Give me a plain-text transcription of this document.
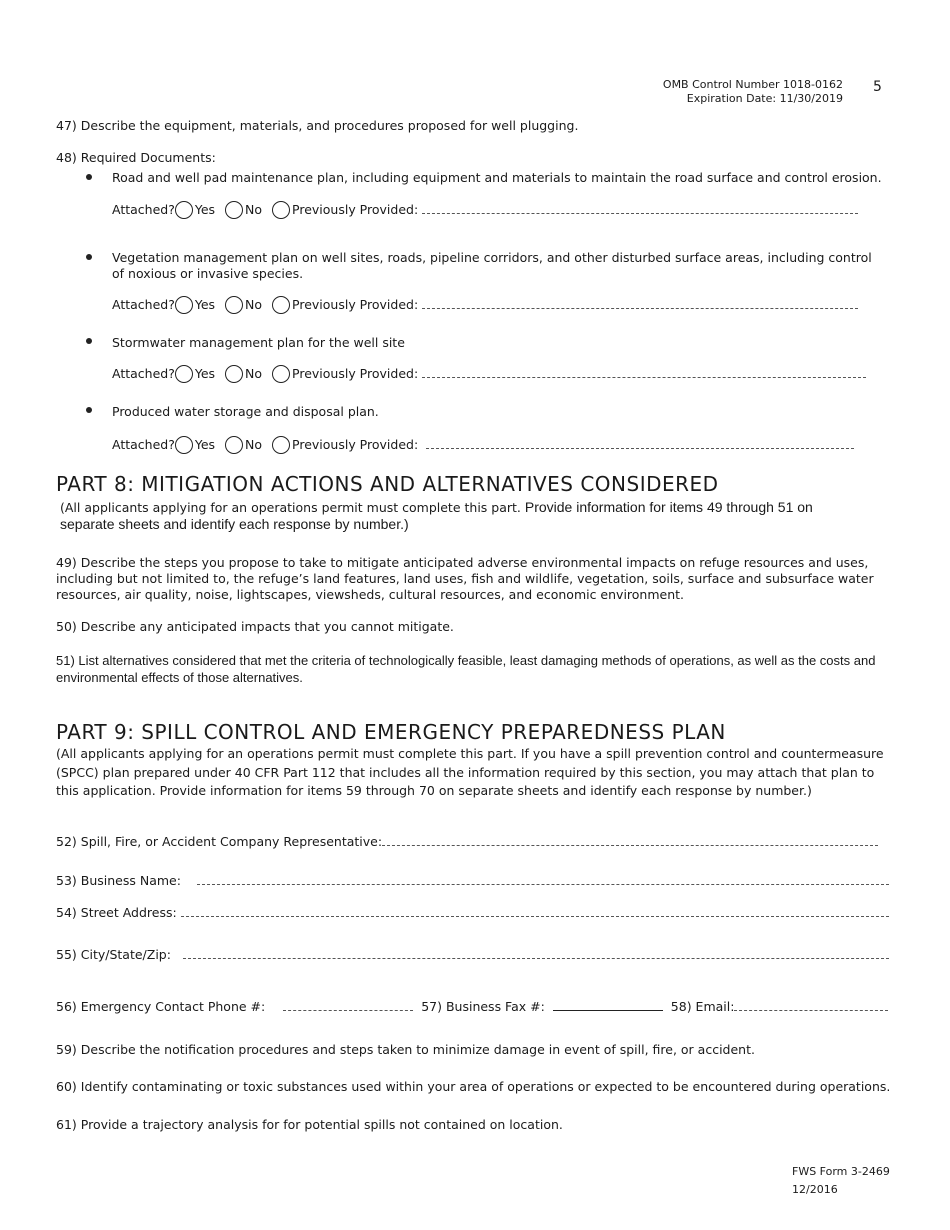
OMB Control Number 1018-0162
Expiration Date: 11/30/2019
5
47) Describe the equipment, materials, and procedures proposed for well plugging.
48) Required Documents:
Road and well pad maintenance plan, including equipment and materials to maintain the road surface and control erosion.
Attached? Yes No Previously Provided:
Vegetation management plan on well sites, roads, pipeline corridors, and other disturbed surface areas, including control of noxious or invasive species.
Attached? Yes No Previously Provided:
Stormwater management plan for the well site
Attached? Yes No Previously Provided:
Produced water storage and disposal plan.
Attached? Yes No Previously Provided:
PART 8: MITIGATION ACTIONS AND ALTERNATIVES CONSIDERED
(All applicants applying for an operations permit must complete this part. Provide information for items 49 through 51 on
separate sheets and identify each response by number.)
49) Describe the steps you propose to take to mitigate anticipated adverse environmental impacts on refuge resources and uses, including but not limited to, the refuge’s land features, land uses, fish and wildlife, vegetation, soils, surface and subsurface water resources, air quality, noise, lightscapes, viewsheds, cultural resources, and economic environment.
50) Describe any anticipated impacts that you cannot mitigate.
51) List alternatives considered that met the criteria of technologically feasible, least damaging methods of operations, as well as the costs and environmental effects of those alternatives.
PART 9: SPILL CONTROL AND EMERGENCY PREPAREDNESS PLAN
(All applicants applying for an operations permit must complete this part. If you have a spill prevention control and countermeasure (SPCC) plan prepared under 40 CFR Part 112 that includes all the information required by this section, you may attach that plan to this application. Provide information for items 59 through 70 on separate sheets and identify each response by number.)
52) Spill, Fire, or Accident Company Representative:
53) Business Name:
54) Street Address:
55) City/State/Zip:
56) Emergency Contact Phone #:	57) Business Fax #:	58) Email:
59) Describe the notification procedures and steps taken to minimize damage in event of spill, fire, or accident.
60) Identify contaminating or toxic substances used within your area of operations or expected to be encountered during operations.
61) Provide a trajectory analysis for for potential spills not contained on location.
FWS Form 3-2469
12/2016
